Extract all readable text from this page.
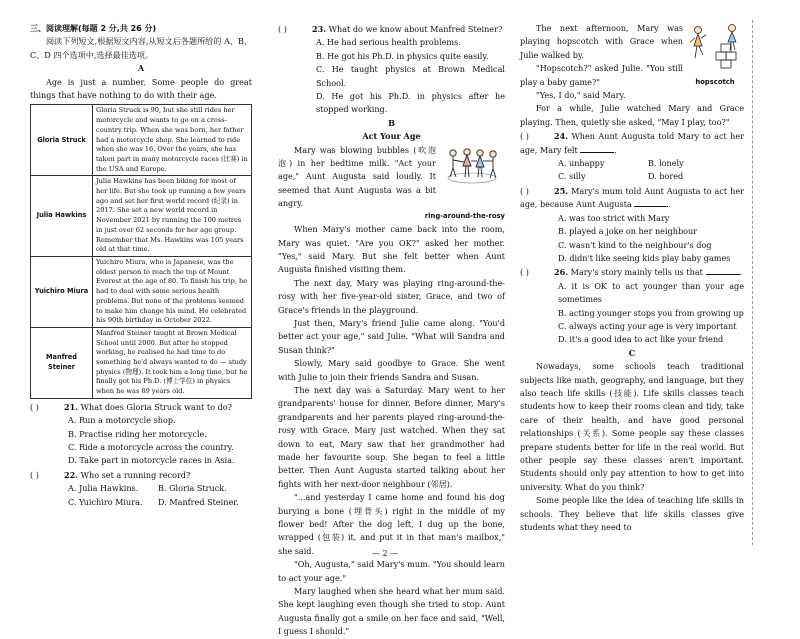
三、阅读理解(每题 2 分,共 26 分)

阅读下列短文,根据短文内容,从短文后各题所给的 A、B、C、D 四个选项中,选择最佳选项。

A

Age is just a number. Some people do great things that have nothing to do with their age.

Gloria Struck	Gloria Struck is 90, but she still rides her motorcycle and wants to go on a cross-country trip. When she was born, her father had a motorcycle shop. She learned to ride when she was 16. Over the years, she has taken part in many motorcycle races (比赛) in the USA and Europe.
Julia Hawkins	Julia Hawkins has been biking for most of her life. But she took up running a few years ago and set her first world record (纪录) in 2017. She set a new world record in November 2021 by running the 100 metres in just over 62 seconds for her age group. Remember that Ms. Hawkins was 105 years old at that time.
Yuichiro Miura	Yuichiro Miura, who is Japanese, was the oldest person to reach the top of Mount Everest at the age of 80. To finish his trip, he had to deal with some serious health problems. But none of the problems seemed to make him change his mind. He celebrated his 90th birthday in October 2022.
Manfred Steiner	Manfred Steiner taught at Brown Medical School until 2000. But after he stopped working, he realised he had time to do something he'd always wanted to do — study physics (物理). It took him a long time, but he finally got his Ph.D. (博士学位) in physics when he was 89 years old.

( )	21. What does Gloria Struck want to do?

A. Run a motorcycle shop.

B. Practise riding her motorcycle.

C. Ride a motorcycle across the country.

D. Take part in motorcycle races in Asia.

( )	22. Who set a running record?

A. Julia Hawkins.	B. Gloria Struck.

C. Yuichiro Miura.	D. Manfred Steiner.

( )	23. What do we know about Manfred Steiner?

A. He had serious health problems.

B. He got his Ph.D. in physics quite easily.

C. He taught physics at Brown Medical School.

D. He got his Ph.D. in physics after he stopped working.

B

Act Your Age

Mary was blowing bubbles (吹泡泡) in her bedtime milk. "Act your age," Aunt Augusta said loudly. It seemed that Aunt Augusta was a bit angry.

ring-around-the-rosy

When Mary's mother came back into the room, Mary was quiet. "Are you OK?" asked her mother. "Yes," said Mary. But she felt better when Aunt Augusta finished visiting them.

The next day, Mary was playing ring-around-the-rosy with her five-year-old sister, Grace, and two of Grace's friends in the playground.

Just then, Mary's friend Julie came along. "You'd better act your age," said Julie. "What will Sandra and Susan think?"

Slowly, Mary said goodbye to Grace. She went with Julie to join their friends Sandra and Susan.

The next day was a Saturday. Mary went to her grandparents' house for dinner. Before dinner, Mary's grandparents and her parents played ring-around-the-rosy with Grace. Mary just watched. When they sat down to eat, Mary saw that her grandmother had made her favourite soup. She began to feel a little better. Then Aunt Augusta started talking about her fights with her next-door neighbour (邻居).

"...and yesterday I came home and found his dog burying a bone (埋骨头) right in the middle of my flower bed! After the dog left, I dug up the bone, wrapped (包装) it, and put it in that man's mailbox," she said.

"Oh, Augusta," said Mary's mum. "You should learn to act your age."

Mary laughed when she heard what her mum said. She kept laughing even though she tried to stop. Aunt Augusta finally got a smile on her face and said, "Well, I guess I should."

hopscotch

The next afternoon, Mary was playing hopscotch with Grace when Julie walked by.

"Hopscotch?" asked Julie. "You still play a baby game?"

"Yes, I do," said Mary.

For a while, Julie watched Mary and Grace playing. Then, quietly she asked, "May I play, too?"

( )	24. When Aunt Augusta told Mary to act her age, Mary felt	.

A. unhappy	B. lonely

C. silly	D. bored

( )	25. Mary's mum told Aunt Augusta to act her age, because Aunt Augusta	.

A. was too strict with Mary

B. played a joke on her neighbour

C. wasn't kind to the neighbour's dog

D. didn't like seeing kids play baby games

( )	26. Mary's story mainly tells us that	.

A. it is OK to act younger than your age sometimes

B. acting younger stops you from growing up

C. always acting your age is very important

D. it's a good idea to act like your friend

C

Nowadays, some schools teach traditional subjects like math, geography, and language, but they also teach life skills (技能). Life skills classes teach students how to keep their rooms clean and tidy, take care of their health, and have good personal relationships (关系). Some people say these classes prepare students better for life in the real world. But other people say these classes aren't important. Students should only pay attention to how to get into university. What do you think?

Some people like the idea of teaching life skills in schools. They believe that life skills classes give students what they need to

— 2 —
